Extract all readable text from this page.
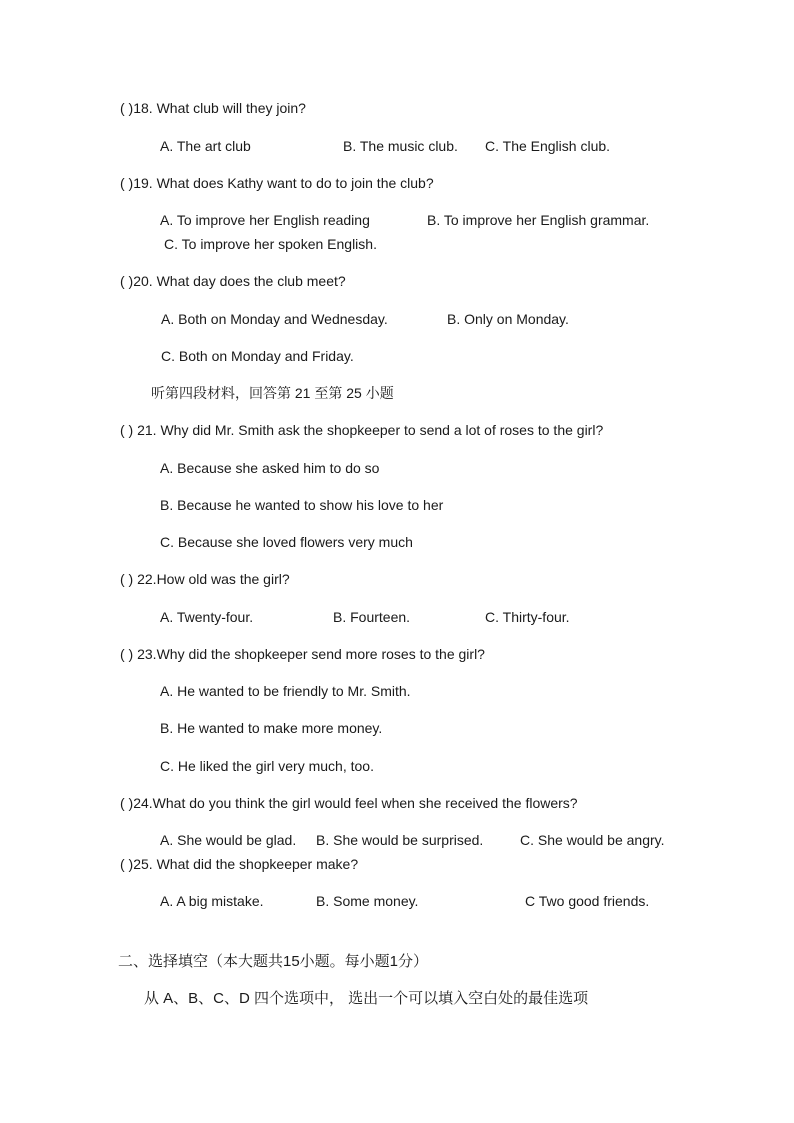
( )18. What club will they join?
A. The art club	B. The music club. C. The English club.
( )19. What does Kathy want to do to join the club?
A. To improve her English reading	B. To improve her English grammar.
C. To improve her spoken English.
( )20. What day does the club meet?
A. Both on Monday and Wednesday.	B. Only on Monday.
C. Both on Monday and Friday.
听第四段材料，回答第 21 至第 25 小题
( ) 21. Why did Mr. Smith ask the shopkeeper to send a lot of roses to the girl?
A. Because she asked him to do so
B. Because he wanted to show his love to her
C. Because she loved flowers very much
( ) 22.How old was the girl?
A. Twenty-four.	B. Fourteen.	C. Thirty-four.
( ) 23.Why did the shopkeeper send more roses to the girl?
A. He wanted to be friendly to Mr. Smith.
B. He wanted to make more money.
C. He liked the girl very much, too.
( )24.What do you think the girl would feel when she received the flowers?
A. She would be glad. B. She would be surprised.	C. She would be angry.
( )25. What did the shopkeeper make?
A. A big mistake.	B. Some money.	C Two good friends.
二、选择填空（本大题共15小题。每小题1分）
从 A、B、C、D 四个选项中， 选出一个可以填入空白处的最佳选项
